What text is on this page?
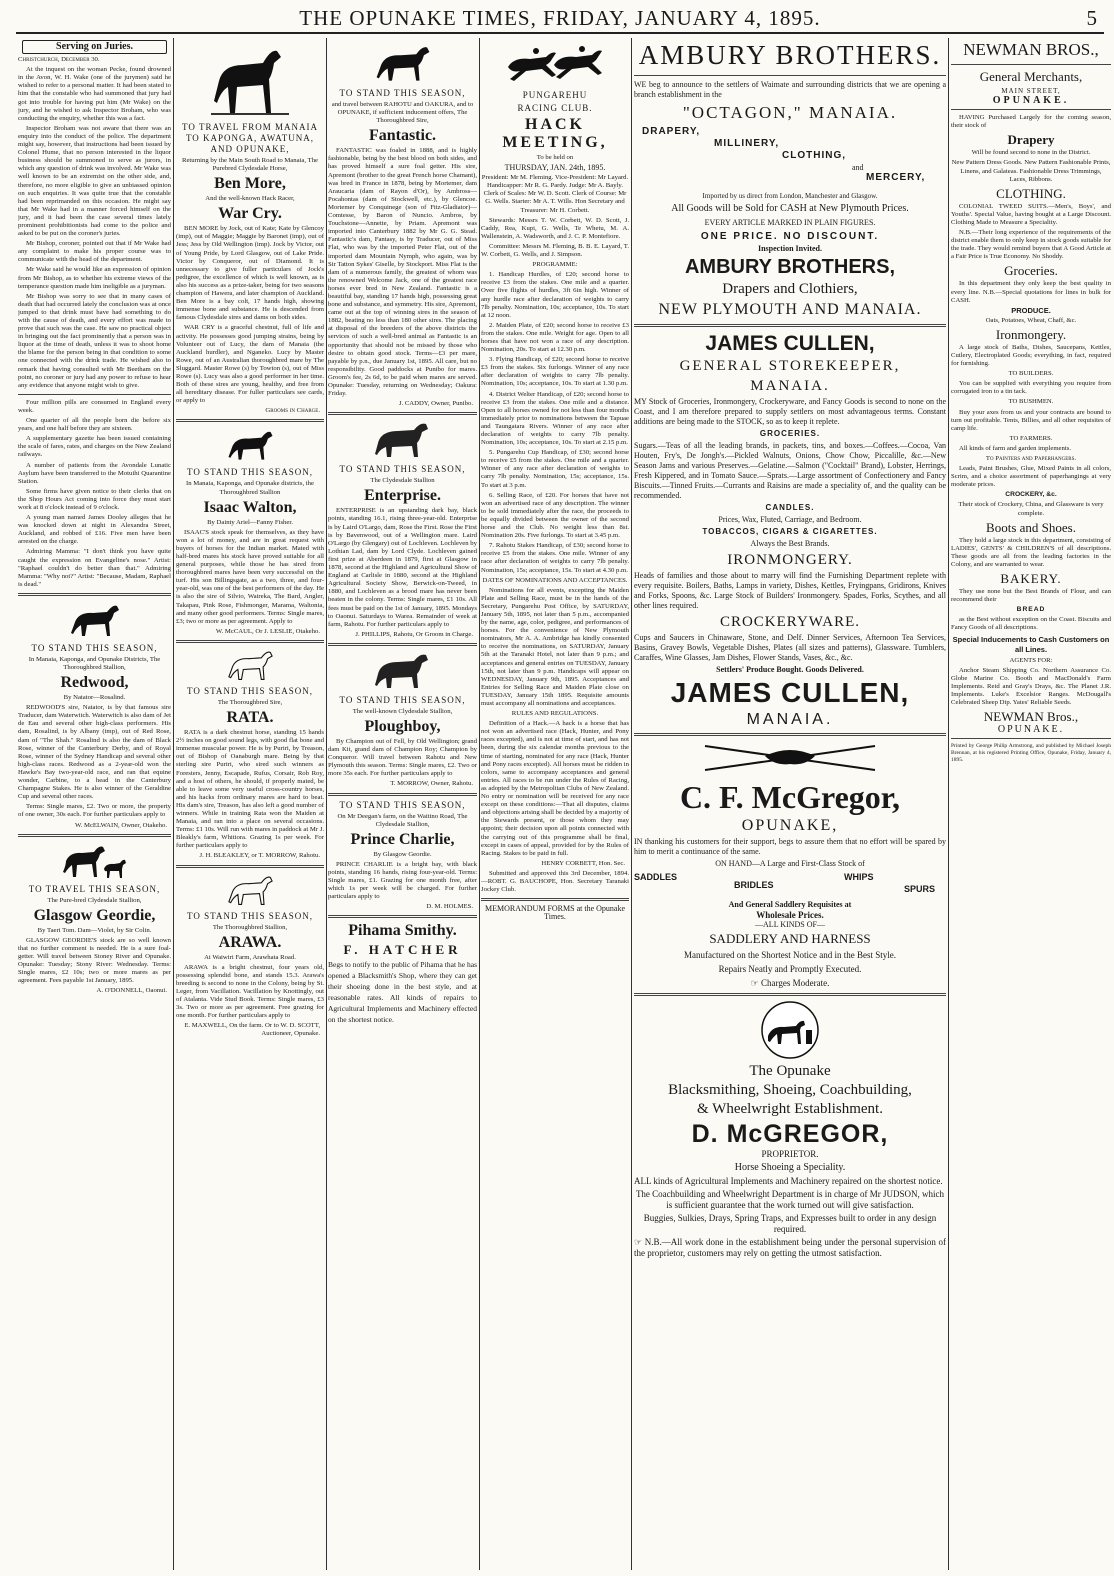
THE OPUNAKE TIMES, FRIDAY, JANUARY 4, 1895.	5
Serving on Juries.

Christchurch, December 30.

At the inquest on the woman Pecke, found drowned in the Avon, W. H. Wake (one of the jurymen) said he wished to refer to a personal matter. It had been stated to him that the constable who had summoned that jury had got into trouble for having put him (Mr Wake) on the jury, and he wished to ask Inspector Broham, who was conducting the enquiry, whether this was a fact.

Inspector Broham was not aware that there was an enquiry into the conduct of the police. The department might say, however, that instructions had been issued by Colonel Hume, that no person interested in the liquor business should be summoned to serve as jurors, in which any question of drink was involved. Mr Wake was well known to be an extremist on the other side, and, therefore, no more eligible to give an unbiassed opinion on such enquiries. It was quite true that the constable had been reprimanded on this occasion. He might say that Mr Wake had in a manner forced himself on the jury, and it had been the case several times lately prominent prohibitionists had come to the police and asked to be put on the coroner's juries.

Mr Bishop, coroner, pointed out that if Mr Wake had any complaint to make his proper course was to communicate with the head of the department.

Mr Wake said he would like an expression of opinion from Mr Bishop, as to whether his extreme views of the temperance question made him ineligible as a juryman.

Mr Bishop was sorry to see that in many cases of death that had occurred lately the conclusion was at once jumped to that drink must have had something to do with the cause of death, and every effort was made to prove that such was the case. He saw no practical object in bringing out the fact prominently that a person was in liquor at the time of death, unless it was to shoot home the blame for the person being in that condition to some one connected with the drink trade. He wished also to remark that having consulted with Mr Beetham on the point, no coroner or jury had any power to refuse to hear any evidence that anyone might wish to give.

Four million pills are consumed in England every week.

One quarter of all the people born die before six years, and one half before they are sixteen.

A supplementary gazette has been issued containing the scale of fares, rates, and charges on the New Zealand railways.

A number of patients from the Avondale Lunatic Asylum have been transferred to the Motuihi Quarantine Station.

Some firms have given notice to their clerks that on the Shop Hours Act coming into force they must start work at 8 o'clock instead of 9 o'clock.

A young man named James Dooley alleges that he was knocked down at night in Alexandra Street, Auckland, and robbed of £16. Five men have been arrested on the charge.

Admiring Mamma: "I don't think you have quite caught the expression on Evangeline's nose." Artist: "Raphael couldn't do better than that." Admiring Mamma: "Why not?" Artist: "Because, Madam, Raphael is dead."

TO STAND THIS SEASON,

In Manaia, Kaponga, and Opunake Districts, The Thoroughbred Stallion,

Redwood,

By Natator—Rosalind.

REDWOOD'S sire, Natator, is by that famous sire Traducer, dam Waterwitch. Waterwitch is also dam of Jet de Eau and several other high-class performers. His dam, Rosalind, is by Albany (imp), out of Red Rose, dam of "The Shah." Rosalind is also the dam of Black Rose, winner of the Canterbury Derby, and of Royal Rose, winner of the Sydney Handicap and several other high-class races. Redwood as a 2-year-old won the Hawke's Bay two-year-old race, and ran that equine wonder, Carbine, to a head in the Canterbury Champagne Stakes. He is also winner of the Geraldine Cup and several other races.

Terms: Single mares, £2. Two or more, the property of one owner, 30s each. For further particulars apply to

W. McELWAIN, Owner, Otakeho.

TO TRAVEL THIS SEASON,

The Pure-bred Clydesdale Stallion,

Glasgow Geordie,

By Taeri Tom. Dam—Violet, by Sir Colin.

GLASGOW GEORDIE'S stock are so well known that no further comment is needed. He is a sure foal-getter. Will travel between Stoney River and Opunake. Opunake: Tuesday; Stony River: Wednesday. Terms: Single mares, £2 10s; two or more mares as per agreement. Fees payable 1st January, 1895.

A. O'DONNELL, Oaonui.

TO TRAVEL FROM MANAIA TO KAPONGA, AWATUNA, AND OPUNAKE,

Returning by the Main South Road to Manaia, The Purebred Clydesdale Horse,

Ben More,

And the well-known Hack Racer,

War Cry.

BEN MORE by Jock, out of Kate; Kate by Glencoy (imp), out of Maggie; Maggie by Baronet (imp), out of Jess; Jess by Old Wellington (imp). Jock by Victor, out of Young Pride, by Lord Glasgow, out of Lake Pride. Victor by Conqueror, out of Diamond. It is unnecessary to give fuller particulars of Jock's pedigree, the excellence of which is well known, as is also his success as a prize-taker, being for two seasons champion of Hawera, and later champion of Auckland. Ben More is a bay colt, 17 hands high, showing immense bone and substance. He is descended from famous Clydesdale sires and dams on both sides.

WAR CRY is a graceful chestnut, full of life and activity. He possesses good jumping strains, being by Volunteer out of Lucy, the dam of Manaia (the Auckland hurdler), and Nganeko. Lucy by Master Rowe, out of an Australian thoroughbred mare by The Sluggard. Master Rowe (s) by Towton (s), out of Miss Rowe (s). Lucy was also a good performer in her time. Both of these sires are young, healthy, and free from all hereditary disease. For fuller particulars see cards, or apply to

Grooms in Charge.

TO STAND THIS SEASON,

In Manaia, Kaponga, and Opunake districts, the Thoroughbred Stallion

Isaac Walton,

By Dainty Ariel—Fanny Fisher.

ISAAC'S stock speak for themselves, as they have won a lot of money, and are in great request with buyers of horses for the Indian market. Mated with half-bred mares his stock have proved suitable for all general purposes, while those he has sired from thoroughbred mares have been very successful on the turf. His son Billingsgate, as a two, three, and four-year-old, was one of the best performers of the day. He is also the sire of Silvio, Waireka, The Bard, Angler, Takapau, Pink Rose, Fishmonger, Marama, Waltonia, and many other good performers. Terms: Single mares, £3; two or more as per agreement. Apply to

W. McCAUL, Or J. LESLIE, Otakeho.

TO STAND THIS SEASON,

The Thoroughbred Sire,

RATA.

RATA is a dark chestnut horse, standing 15 hands 2½ inches on good sound legs, with good flat bone and immense muscular power. He is by Puriri, by Treason, out of Bishop of Oanaburgh mare. Being by that sterling sire Puriri, who sired such winners as Foresters, Jenny, Escapade, Rufus, Corsair, Rob Roy, and a host of others, he should, if properly mated, be able to leave some very useful cross-country horses, and his hacks from ordinary mares are hard to beat. His dam's sire, Treason, has also left a good number of winners. While in training Rata won the Maiden at Manaia, and ran into a place on several occasions. Terms: £1 10s. Will run with mares in paddock at Mr J. Bleakly's farm, Whitiora. Grazing 1s per week. For further particulars apply to

J. H. BLEAKLEY, or T. MORROW, Rahotu.

TO STAND THIS SEASON,

The Thoroughbred Stallion,

ARAWA.

At Waiwiri Farm, Arawhata Road.

ARAWA is a bright chestnut, four years old, possessing splendid bone, and stands 15.3. Arawa's breeding is second to none in the Colony, being by St. Leger, from Vacillation. Vacillation by Knottingly, out of Atalanta. Vide Stud Book. Terms: Single mares, £3 3s. Two or more as per agreement. Free grazing for one month. For further particulars apply to

E. MAXWELL, On the farm. Or to W. D. SCOTT, Auctioneer, Opunake.

TO STAND THIS SEASON,

and travel between RAHOTU and OAKURA, and to OPUNAKE, if sufficient inducement offers, The Thoroughbred Sire,

Fantastic.

FANTASTIC was foaled in 1888, and is highly fashionable, being by the best blood on both sides, and has proved himself a sure foal getter. His sire, Apremont (brother to the great French horse Chamant), was bred in France in 1878, being by Mortemer, dam Araucaria (dam of Rayon d'Or), by Ambross—Pocahontas (dam of Stockwell, etc.), by Glencoe. Mortemer by Conquinege (son of Fitz-Gladiator)—Comtesse, by Baron of Nuncio. Ambros, by Touchstone—Annette, by Priam. Apremont was imported into Canterbury 1882 by Mr G. G. Stead. Fantastic's dam, Fantasy, is by Traducer, out of Miss Flat, who was by the imported Peter Flat, out of the imported dam Mountain Nymph, who again, was by Sir Tatton Sykes' Giselle, by Stockport. Miss Flat is the dam of a numerous family, the greatest of whom was the renowned Welcome Jack, one of the greatest race horses ever bred in New Zealand. Fantastic is a beautiful bay, standing 17 hands high, possessing great bone and substance, and symmetry. His sire, Apremont, came out at the top of winning sires in the season of 1882, beating no less than 180 other sires. The placing at disposal of the breeders of the above districts the services of such a well-bred animal as Fantastic is an opportunity that should not be missed by those who desire to obtain good stock. Terms—£3 per mare, payable by p.n., due January 1st, 1895. All care, but no responsibility. Good paddocks at Punibo for mares. Groom's fee, 2s 6d, to be paid when mares are served. Opunake: Tuesday, returning on Wednesday; Oakura: Friday.

J. CADDY, Owner, Punibo.

TO STAND THIS SEASON,

The Clydesdale Stallion

Enterprise.

ENTERPRISE is an upstanding dark bay, black points, standing 16.1, rising three-year-old. Enterprise is by Laird O'Largo, dam, Rose the First. Rose the First is by Bavenwood, out of a Wellington mare. Laird O'Largo (by Glengary) out of Lochleven. Lochleven by Lothian Lad, dam by Lord Clyde. Lochleven gained first prize at Aberdeen in 1879, first at Glasgow in 1878, second at the Highland and Agricultural Show of England at Carlisle in 1880, second at the Highland Agricultural Society Show, Berwick-on-Tweed, in 1880, and Lochleven as a brood mare has never been beaten in the colony. Terms: Single mares, £1 10s. All fees must be paid on the 1st of January, 1895. Mondays to Oaonui. Saturdays to Warea. Remainder of week at farm, Rahotu. For further particulars apply to

J. PHILLIPS, Rahotu, Or Groom in Charge.

TO STAND THIS SEASON,

The well-known Clydesdale Stallion,

Ploughboy,

By Champion out of Fell, by Old Wellington; grand dam Kit, grand dam of Champion Roy; Champion by Conqueror. Will travel between Rahotu and New Plymouth this season. Terms: Single mares, £2. Two or more 35s each. For further particulars apply to

T. MORROW, Owner, Rahotu.

TO STAND THIS SEASON,

On Mr Deegan's farm, on the Waitino Road, The Clydesdale Stallion,

Prince Charlie,

By Glasgow Geordie.

PRINCE CHARLIE is a bright bay, with black points, standing 16 hands, rising four-year-old. Terms: Single mares, £1. Grazing for one month free, after which 1s per week will be charged. For further particulars apply to

D. M. HOLMES.

Pihama Smithy.

F. HATCHER

Begs to notify to the public of Pihama that he has opened a Blacksmith's Shop, where they can get their shoeing done in the best style, and at reasonable rates. All kinds of repairs to Agricultural Implements and Machinery effected on the shortest notice.

PUNGAREHU

RACING CLUB.

HACK MEETING,

To be held on

THURSDAY, JAN. 24th, 1895.

President: Mr M. Fleming. Vice-President: Mr Layard. Handicapper: Mr R. G. Pardy. Judge: Mr A. Bayly. Clerk of Scales: Mr W. D. Scott. Clerk of Course: Mr G. Wells. Starter: Mr A. T. Wills. Hon Secretary and Treasurer: Mr H. Corbett.

Stewards: Messrs T. W. Corbett, W. D. Scott, J. Caddy, Rea, Kupi, G. Wells, Te Whetu, M. A. Wallenstein, A. Wadsworth, and J. C. P. Montefiore.

Committee: Messrs M. Fleming, B. B. E. Layard, T. W. Corbett, G. Wells, and J. Simpson.

PROGRAMME:

1. Handicap Hurdles, of £20; second horse to receive £3 from the stakes. One mile and a quarter. Over five flights of hurdles, 3ft 6in high. Winner of any hurdle race after declaration of weights to carry 7lb penalty. Nomination, 10s; acceptance, 10s. To start at 12 noon.

2. Maiden Plate, of £20; second horse to receive £3 from the stakes. One mile. Weight for age. Open to all horses that have not won a race of any description. Nomination, 20s. To start at 12.30 p.m.

3. Flying Handicap, of £20; second horse to receive £3 from the stakes. Six furlongs. Winner of any race after declaration of weights to carry 7lb penalty. Nomination, 10s; acceptance, 10s. To start at 1.30 p.m.

4. District Welter Handicap, of £20; second horse to receive £3 from the stakes. One mile and a distance. Open to all horses owned for not less than four months immediately prior to nominations between the Tapuae and Taungatara Rivers. Winner of any race after declaration of weights to carry 7lb penalty. Nomination, 10s; acceptance, 10s. To start at 2.15 p.m.

5. Pungarehu Cup Handicap, of £30; second horse to receive £5 from the stakes. One mile and a quarter. Winner of any race after declaration of weights to carry 7lb penalty. Nomination, 15s; acceptance, 15s. To start at 3 p.m.

6. Selling Race, of £20. For horses that have not won an advertised race of any description. The winner to be sold immediately after the race, the proceeds to be equally divided between the owner of the second horse and the Club. No weight less than 8st. Nomination 20s. Five furlongs. To start at 3.45 p.m.

7. Rahotu Stakes Handicap, of £30; second horse to receive £5 from the stakes. One mile. Winner of any race after declaration of weights to carry 7lb penalty. Nomination, 15s; acceptance, 15s. To start at 4.30 p.m.

DATES OF NOMINATIONS AND ACCEPTANCES.

Nominations for all events, excepting the Maiden Plate and Selling Race, must be in the hands of the Secretary, Pungarehu Post Office, by SATURDAY, January 5th, 1895, not later than 5 p.m., accompanied by the name, age, color, pedigree, and performances of horses. For the convenience of New Plymouth nominators, Mr A. A. Ambridge has kindly consented to receive the nominations, on SATURDAY, January 5th at the Taranaki Hotel, not later than 9 p.m.; and acceptances and general entries on TUESDAY, January 15th, not later than 9 p.m. Handicaps will appear on WEDNESDAY, January 9th, 1895. Acceptances and Entries for Selling Race and Maiden Plate close on TUESDAY, January 15th 1895. Requisite amounts must accompany all nominations and acceptances.

RULES AND REGULATIONS.

Definition of a Hack.—A hack is a horse that has not won an advertised race (Hack, Hunter, and Pony races excepted), and is not at time of start, and has not been, during the six calendar months previous to the time of starting, nominated for any race (Hack, Hunter and Pony races excepted). All horses must be ridden in colors, same to accompany acceptances and general entries. All races to be run under the Rules of Racing, as adopted by the Metropolitan Clubs of New Zealand. No entry or nomination will be received for any race except on these conditions:—That all disputes, claims and objections arising shall be decided by a majority of the Stewards present, or those whom they may appoint; their decision upon all points connected with the carrying out of this programme shall be final, except in cases of appeal, provided for by the Rules of Racing. Stakes to be paid in full.

HENRY CORBETT, Hon. Sec.

Submitted and approved this 3rd December, 1894.—ROBT. G. BAUCHOPE, Hon. Secretary Taranaki Jockey Club.

MEMORANDUM FORMS at the Opunake Times.

AMBURY BROTHERS.

WE beg to announce to the settlers of Waimate and surrounding districts that we are opening a branch establishment in the

"OCTAGON," MANAIA.

DRAPERY,
MILLINERY,
CLOTHING,
and
MERCERY,

Imported by us direct from London, Manchester and Glasgow.

All Goods will be Sold for CASH at New Plymouth Prices.

EVERY ARTICLE MARKED IN PLAIN FIGURES.

ONE PRICE. NO DISCOUNT.

Inspection Invited.

AMBURY BROTHERS,

Drapers and Clothiers,

NEW PLYMOUTH AND MANAIA.

JAMES CULLEN,

GENERAL STOREKEEPER,

MANAIA.

MY Stock of Groceries, Ironmongery, Crockeryware, and Fancy Goods is second to none on the Coast, and I am therefore prepared to supply settlers on most advantageous terms. Constant additions are being made to the STOCK, so as to keep it replete.

GROCERIES.

Sugars.—Teas of all the leading brands, in packets, tins, and boxes.—Coffees.—Cocoa, Van Houten, Fry's, De Jongh's.—Pickled Walnuts, Onions, Chow Chow, Piccalille, &c.—New Season Jams and various Preserves.—Gelatine.—Salmon ("Cocktail" Brand), Lobster, Herrings, Fresh Kippered, and in Tomato Sauce.—Sprats.—Large assortment of Confectionery and Fancy Biscuits.—Tinned Fruits.—Currants and Raisins are made a speciality of, and the quality can be recommended.

CANDLES.

Prices, Wax, Fluted, Carriage, and Bedroom.

TOBACCOS, CIGARS & CIGARETTES.

Always the Best Brands.

IRONMONGERY.

Heads of families and those about to marry will find the Furnishing Department replete with every requisite. Boilers, Baths, Lamps in variety, Dishes, Kettles, Fryingpans, Gridirons, Knives and Forks, Spoons, &c. Large Stock of Builders' Ironmongery. Spades, Forks, Scythes, and all other lines required.

CROCKERYWARE.

Cups and Saucers in Chinaware, Stone, and Delf. Dinner Services, Afternoon Tea Services, Basins, Gravey Bowls, Vegetable Dishes, Plates (all sizes and patterns), Glassware. Tumblers, Caraffes, Wine Glasses, Jam Dishes, Flower Stands, Vases, &c., &c.

Settlers' Produce Bought. Goods Delivered.

JAMES CULLEN,

MANAIA.

C. F. McGregor,

OPUNAKE,

IN thanking his customers for their support, begs to assure them that no effort will be spared by him to merit a continuance of the same.

ON HAND—A Large and First-Class Stock of

SADDLES
BRIDLES
WHIPS
SPURS

And General Saddlery Requisites at

Wholesale Prices.

—ALL KINDS OF—

SADDLERY AND HARNESS

Manufactured on the Shortest Notice and in the Best Style.

Repairs Neatly and Promptly Executed.

☞ Charges Moderate.

The Opunake

Blacksmithing, Shoeing, Coachbuilding,

& Wheelwright Establishment.

D. McGREGOR,

PROPRIETOR.

Horse Shoeing a Speciality.

ALL kinds of Agricultural Implements and Machinery repaired on the shortest notice.

The Coachbuilding and Wheelwright Department is in charge of Mr JUDSON, which is sufficient guarantee that the work turned out will give satisfaction.

Buggies, Sulkies, Drays, Spring Traps, and Expresses built to order in any design required.

☞ N.B.—All work done in the establishment being under the personal supervision of the proprietor, customers may rely on getting the utmost satisfaction.

NEWMAN BROS.,

General Merchants,

MAIN STREET,

OPUNAKE.

HAVING Purchased Largely for the coming season, their stock of

Drapery

Will be found second to none in the District.

New Pattern Dress Goods. New Pattern Fashionable Prints, Linens, and Galateas. Fashionable Dress Trimmings, Laces, Ribbons.

CLOTHING.

COLONIAL TWEED SUITS.—Men's, Boys', and Youths'. Special Value, having bought at a Large Discount. Clothing Made to Measure a Speciality.

N.B.—Their long experience of the requirements of the district enable them to only keep in stock goods suitable for the trade. They would remind buyers that A Good Article at a Fair Price is True Economy. No Shoddy.

Groceries.

In this department they only keep the best quality in every line. N.B.—Special quotations for lines in bulk for CASH.

PRODUCE.

Oats, Potatoes, Wheat, Chaff, &c.

Ironmongery.

A large stock of Baths, Dishes, Saucepans, Kettles, Cutlery, Electroplated Goods; everything, in fact, required for furnishing.

TO BUILDERS.

You can be supplied with everything you require from corrugated iron to a tin tack.

TO BUSHMEN.

Buy your axes from us and your contracts are bound to turn out profitable. Tents, Billies, and all other requisites of camp life.

TO FARMERS.

All kinds of farm and garden implements.

To Painters and Paperhangers.

Leads, Paint Brushes, Glue, Mixed Paints in all colors, Scrim, and a choice assortment of paperhangings at very moderate prices.

CROCKERY, &c.

Their stock of Crockery, China, and Glassware is very complete.

Boots and Shoes.

They hold a large stock in this department, consisting of LADIES', GENTS' & CHILDREN'S of all descriptions. These goods are all from the leading factories in the Colony, and are warranted to wear.

BAKERY.

They use none but the Best Brands of Flour, and can recommend their

BREAD

as the Best without exception on the Coast. Biscuits and Fancy Goods of all descriptions.

Special Inducements to Cash Customers on all Lines.

AGENTS FOR:

Anchor Steam Shipping Co. Northern Assurance Co. Globe Marine Co. Booth and MacDonald's Farm Implements. Reid and Gray's Drays, &c. The Planet J.R. Implements. Luke's Excelsior Ranges. McDougall's Celebrated Sheep Dip. Yates' Reliable Seeds.

NEWMAN Bros.,

OPUNAKE.

Printed by George Philip Armstrong, and published by Michael Joseph Brennan, at his registered Printing Office, Opunake, Friday, January 4, 1895.
